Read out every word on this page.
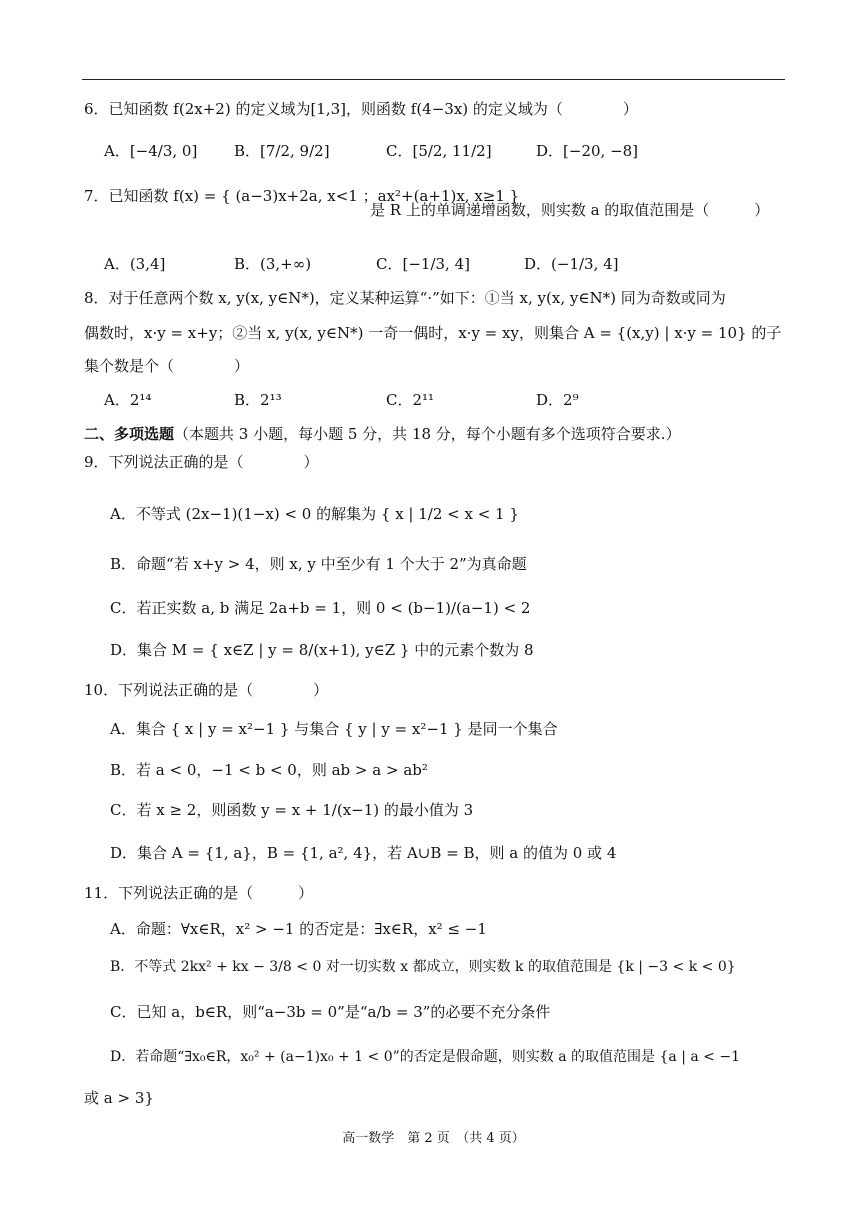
6．已知函数 f(2x+2) 的定义域为[1,3]，则函数 f(4−3x) 的定义域为（　　　　）
A．[−4/3, 0] B．[7/2, 9/2]	C．[5/2, 11/2]	D．[−20, −8]
7．已知函数 f(x) = { (a−3)x+2a, x<1 ；ax²+(a+1)x, x≥1 }
是 R 上的单调递增函数，则实数 a 的取值范围是（　　　）
A．(3,4]	B．(3,+∞)	C．[−1/3, 4]	D．(−1/3, 4]
8．对于任意两个数 x, y(x, y∈N*)，定义某种运算“·”如下：①当 x, y(x, y∈N*) 同为奇数或同为
偶数时，x·y = x+y；②当 x, y(x, y∈N*) 一奇一偶时，x·y = xy，则集合 A = {(x,y) | x·y = 10} 的子
集个数是个（　　　　）
A．2¹⁴	B．2¹³	C．2¹¹	D．2⁹
二、多项选题（本题共 3 小题，每小题 5 分，共 18 分，每个小题有多个选项符合要求.）
9．下列说法正确的是（　　　　）
A．不等式 (2x−1)(1−x) < 0 的解集为 { x | 1/2 < x < 1 }
B．命题“若 x+y > 4，则 x, y 中至少有 1 个大于 2”为真命题
C．若正实数 a, b 满足 2a+b = 1，则 0 < (b−1)/(a−1) < 2
D．集合 M = { x∈Z | y = 8/(x+1), y∈Z } 中的元素个数为 8
10．下列说法正确的是（　　　　）
A．集合 { x | y = x²−1 } 与集合 { y | y = x²−1 } 是同一个集合
B．若 a < 0，−1 < b < 0，则 ab > a > ab²
C．若 x ≥ 2，则函数 y = x + 1/(x−1) 的最小值为 3
D．集合 A = {1, a}，B = {1, a², 4}，若 A∪B = B，则 a 的值为 0 或 4
11．下列说法正确的是（　　　）
A．命题：∀x∈R，x² > −1 的否定是：∃x∈R，x² ≤ −1
B．不等式 2kx² + kx − 3/8 < 0 对一切实数 x 都成立，则实数 k 的取值范围是 {k | −3 < k < 0}
C．已知 a，b∈R，则“a−3b = 0”是“a/b = 3”的必要不充分条件
D．若命题“∃x₀∈R，x₀² + (a−1)x₀ + 1 < 0”的否定是假命题，则实数 a 的取值范围是 {a | a < −1
或 a > 3}
高一数学　第 2 页　（共 4 页）
